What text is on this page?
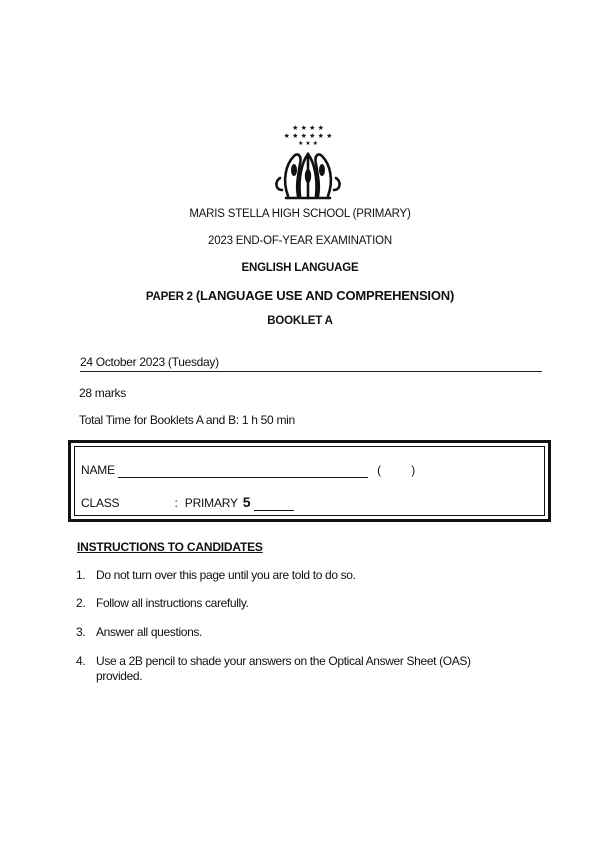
★ ★ ★ ★
★ ★ ★ ★ ★ ★
★ ★ ★
MARIS STELLA HIGH SCHOOL (PRIMARY)
2023 END-OF-YEAR EXAMINATION
ENGLISH LANGUAGE
PAPER 2 (LANGUAGE USE AND COMPREHENSION)
BOOKLET A
24 October 2023 (Tuesday)
28 marks
Total Time for Booklets A and B: 1 h 50 min
NAME	(	)
CLASS	: PRIMARY 5
INSTRUCTIONS TO CANDIDATES
1. Do not turn over this page until you are told to do so.
2. Follow all instructions carefully.
3. Answer all questions.
4. Use a 2B pencil to shade your answers on the Optical Answer Sheet (OAS) provided.
